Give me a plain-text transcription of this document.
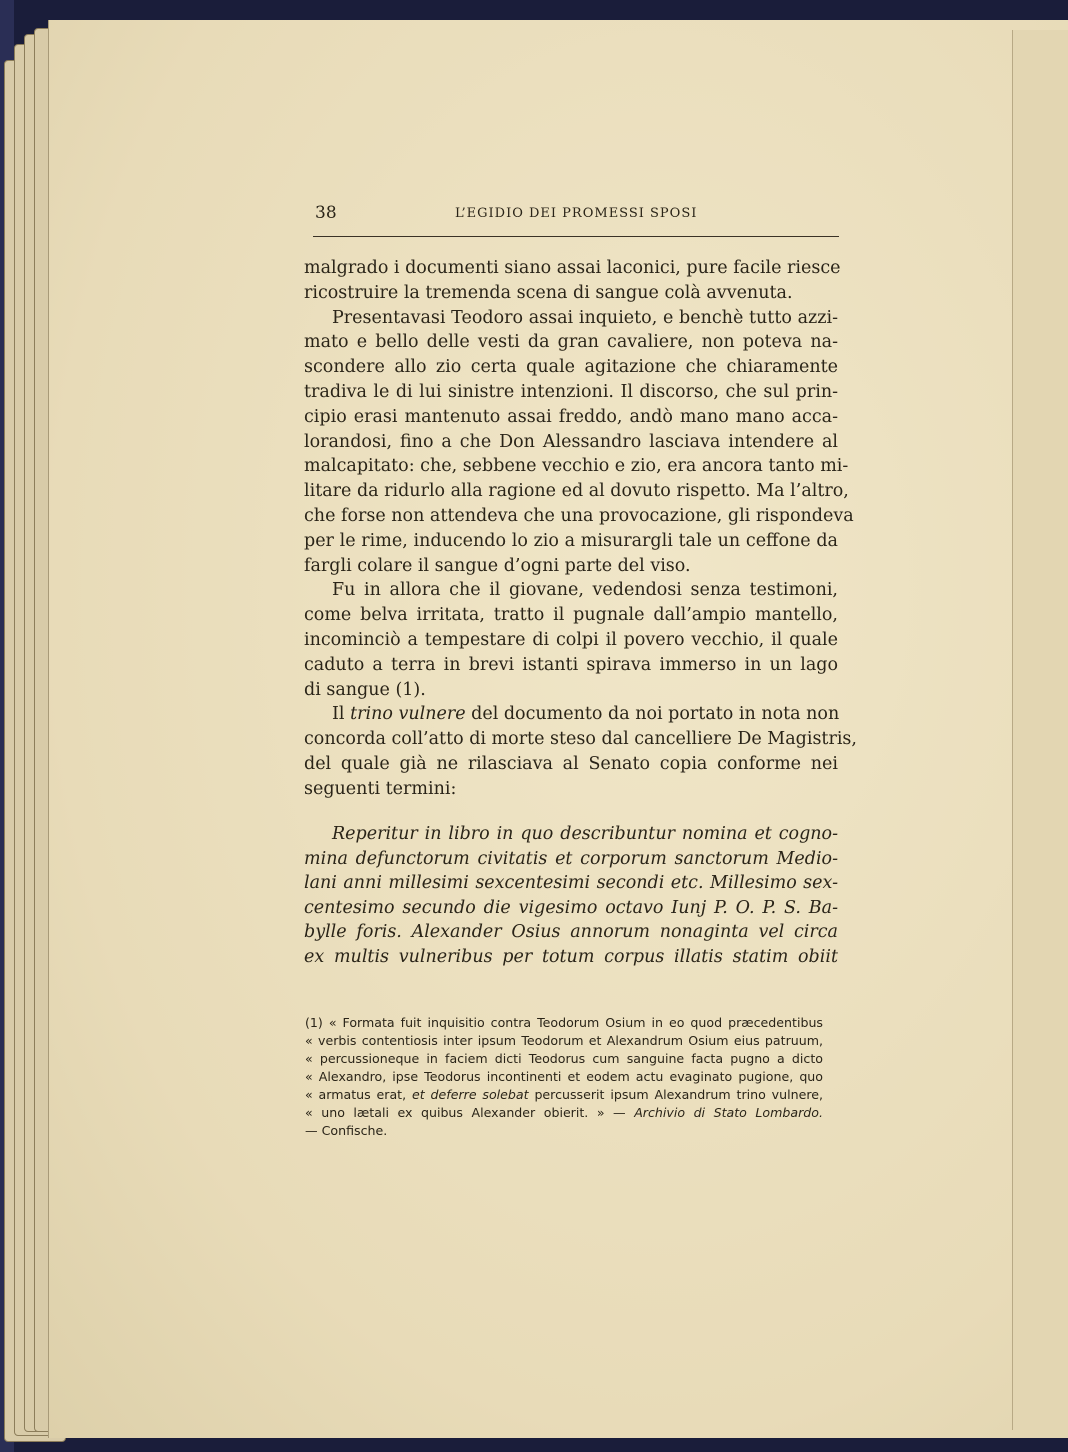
38	L’EGIDIO DEI PROMESSI SPOSI
malgrado i documenti siano assai laconici, pure facile riesce
ricostruire la tremenda scena di sangue colà avvenuta.
Presentavasi Teodoro assai inquieto, e benchè tutto azzi-
mato e bello delle vesti da gran cavaliere, non poteva na-
scondere allo zio certa quale agitazione che chiaramente
tradiva le di lui sinistre intenzioni. Il discorso, che sul prin-
cipio erasi mantenuto assai freddo, andò mano mano acca-
lorandosi, fino a che Don Alessandro lasciava intendere al
malcapitato: che, sebbene vecchio e zio, era ancora tanto mi-
litare da ridurlo alla ragione ed al dovuto rispetto. Ma l’altro,
che forse non attendeva che una provocazione, gli rispondeva
per le rime, inducendo lo zio a misurargli tale un ceffone da
fargli colare il sangue d’ogni parte del viso.
Fu in allora che il giovane, vedendosi senza testimoni,
come belva irritata, tratto il pugnale dall’ampio mantello,
incominciò a tempestare di colpi il povero vecchio, il quale
caduto a terra in brevi istanti spirava immerso in un lago
di sangue (1).
Il trino vulnere del documento da noi portato in nota non
concorda coll’atto di morte steso dal cancelliere De Magistris,
del quale già ne rilasciava al Senato copia conforme nei
seguenti termini:
Reperitur in libro in quo describuntur nomina et cogno-
mina defunctorum civitatis et corporum sanctorum Medio-
lani anni millesimi sexcentesimi secondi etc. Millesimo sex-
centesimo secundo die vigesimo octavo Iunj P. O. P. S. Ba-
bylle foris. Alexander Osius annorum nonaginta vel circa
ex multis vulneribus per totum corpus illatis statim obiit
(1) « Formata fuit inquisitio contra Teodorum Osium in eo quod præcedentibus
« verbis contentiosis inter ipsum Teodorum et Alexandrum Osium eius patruum,
« percussioneque in faciem dicti Teodorus cum sanguine facta pugno a dicto
« Alexandro, ipse Teodorus incontinenti et eodem actu evaginato pugione, quo
« armatus erat, et deferre solebat percusserit ipsum Alexandrum trino vulnere,
« uno lætali ex quibus Alexander obierit. » — Archivio di Stato Lombardo.
— Confische.
